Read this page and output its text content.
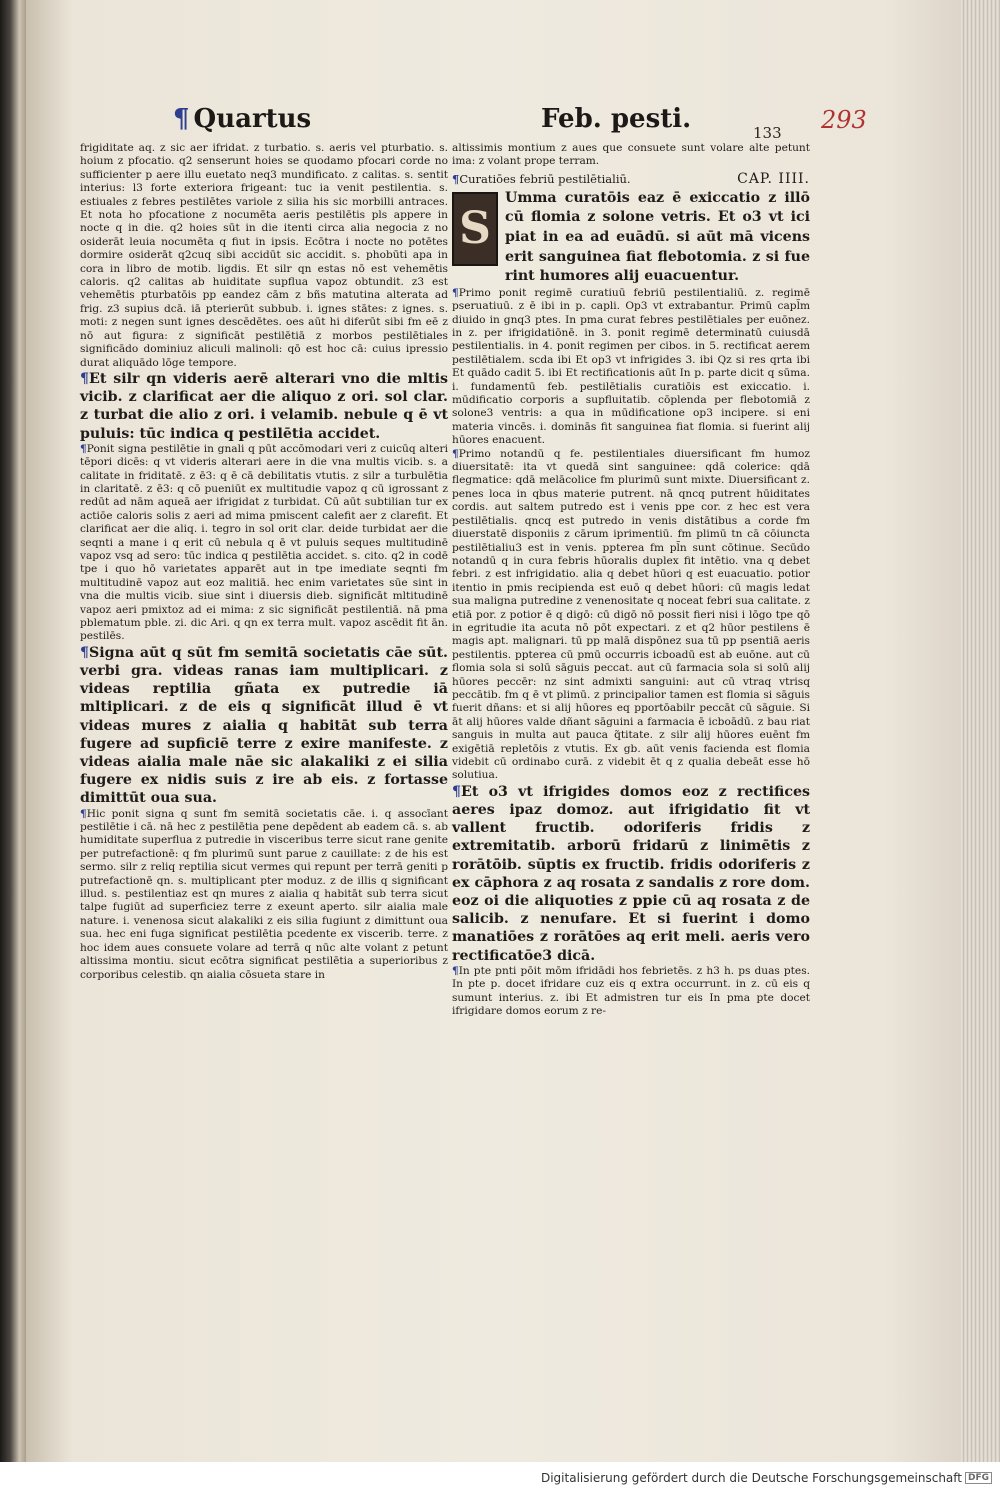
¶ Quartus	Feb. pesti.	133 293

frigiditate aq. z sic aer ifridat. z turbatio. s. aeris vel pturbatio. s. hoium z pfocatio. q2 senserunt hoies se quodamo pfocari corde no sufficienter p aere illu euetato neq3 mundificato. z calitas. s. sentit interius: l3 forte exteriora frigeant: tuc ia venit pestilentia. s. estiuales z febres pestilētes variole z silia his sic morbilli antraces. Et nota ho pfocatione z nocumēta aeris pestilētis pls appere in nocte q in die. q2 hoies sūt in die itenti circa alia negocia z no osiderāt leuia nocumēta q fiut in ipsis. Ecōtra i nocte no potētes dormire osiderāt q2cuq sibi accidūt sic accidit. s. phobūti apa in cora in libro de motib. ligdis. Et silr qn estas nō est vehemētis caloris. q2 calitas ab huiditate supflua vapoz obtundit. z3 est vehemētis pturbatōis pp eandez cām z bñs matutina alterata ad frig. z3 supius dcā. iā pterierūt subbub. i. ignes stātes: z ignes. s. moti: z negen sunt ignes descēdētes. oes aūt hi diferūt sibi fm eē z nō aut figura: z significāt pestilētiā z morbos pestilētiales significādo dominiuz aliculi malinoli: qō est hoc cā: cuius ipressio durat aliquādo lōge tempore.

¶Et silr qn videris aerē alterari vno die mltis vicib. z clarificat aer die aliquo z ori. sol clar. z turbat die alio z ori. i velamib. nebule q ē vt puluis: tūc indica q pestilētia accidet.

¶Ponit signa pestilētie in gnali q pūt accōmodari veri z cuicūq alteri tēpori dicēs: q vt videris alterari aere in die vna multis vicib. s. a calitate in friditatē. z ē3: q ē cā debilitatis vtutis. z silr a turbulētia in claritatē. z ē3: q cō pueniūt ex multitudie vapoz q cū igrossant z redūt ad nām aqueā aer ifrigidat z turbidat. Cū aūt subtilian tur ex actiōe caloris solis z aeri ad mima pmiscent calefit aer z clarefit. Et clarificat aer die aliq. i. tegro in sol orit clar. deide turbidat aer die seqnti a mane i q erit cū nebula q ē vt puluis seques multitudinē vapoz vsq ad sero: tūc indica q pestilētia accidet. s. cito. q2 in codē tpe i quo hō varietates apparēt aut in tpe imediate seqnti fm multitudinē vapoz aut eoz malitiā. hec enim varietates sūe sint in vna die multis vicib. siue sint i diuersis dieb. significāt mltitudinē vapoz aeri pmixtoz ad ei mima: z sic significāt pestilentiā. nā pma pblematum pble. zi. dic Ari. q qn ex terra mult. vapoz ascēdit fit ān. pestilēs.

¶Signa aūt q sūt fm semitā societatis cāe sūt. verbi gra. videas ranas iam multiplicari. z videas reptilia gñata ex putredie iā mltiplicari. z de eis q significāt illud ē vt videas mures z aialia q habitāt sub terra fugere ad supficiē terre z exire manifeste. z videas aialia male nāe sic alakaliki z ei silia fugere ex nidis suis z ire ab eis. z fortasse dimittūt oua sua.

¶Hic ponit signa q sunt fm semitā societatis cāe. i. q assocīant pestilētie i cā. nā hec z pestilētia pene depēdent ab eadem cā. s. ab humiditate superflua z putredie in visceribus terre sicut rane genite per putrefactionē: q fm plurimū sunt parue z cauillate: z de his est sermo. silr z reliq reptilia sicut vermes qui repunt per terrā geniti p putrefactionē qn. s. multiplicant pter moduz. z de illis q significant illud. s. pestilentiaz est qn mures z aialia q habitāt sub terra sicut talpe fugiūt ad superficiez terre z exeunt aperto. silr aialia male nature. i. venenosa sicut alakaliki z eis silia fugiunt z dimittunt oua sua. hec eni fuga significat pestilētia pcedente ex viscerib. terre. z hoc idem aues consuete volare ad terrā q nūc alte volant z petunt altissima montiu. sicut ecōtra significat pestilētia a superioribus z corporibus celestib. qn aialia cōsueta stare in

altissimis montium z aues que consuete sunt volare alte petunt ima: z volant prope terram.

¶Curatiōes febriū pestilētialiū.	CAP. IIII.

S
Umma curatōis eaz ē exiccatio z illō cū flomia z solone vetris. Et o3 vt ici piat in ea ad euādū. si aūt mā vicens erit sanguinea fiat flebotomia. z si fue rint humores alij euacuentur.

¶Primo ponit regimē curatiuū febriū pestilentialiū. z. regimē pseruatiuū. z ē ibi in p. capli. Op3 vt extrabantur. Primū capl̃m diuido in gnq3 ptes. In pma curat febres pestilētiales per euōnez. in z. per ifrigidatiōnē. in 3. ponit regimē determinatū cuiusdā pestilentialis. in 4. ponit regimen per cibos. in 5. rectificat aerem pestilētialem. scda ibi Et op3 vt infrigides 3. ibi Qz si res qrta ibi Et quādo cadit 5. ibi Et rectificationis aūt In p. parte dicit q sūma. i. fundamentū feb. pestilētialis curatiōis est exiccatio. i. mūdificatio corporis a supfluitatib. cōplenda per flebotomiā z solone3 ventris: a qua in mūdificatione op3 incipere. si eni materia vincēs. i. dominās fit sanguinea fiat flomia. si fuerint alij hūores enacuent.

¶Primo notandū q fe. pestilentiales diuersificant fm humoz diuersitatē: ita vt quedā sint sanguinee: qdā colerice: qdā flegmatice: qdā melācolice fm plurimū sunt mixte. Diuersificant z. penes loca in qbus materie putrent. nā qncq putrent hūiditates cordis. aut saltem putredo est i venis ppe cor. z hec est vera pestilētialis. qncq est putredo in venis distātibus a corde fm diuerstatē disponiis z cārum iprimentiū. fm plimū tn cā cōiuncta pestilētialiu3 est in venis. ppterea fm pl̃n sunt cōtinue. Secūdo notandū q in cura febris hūoralis duplex fit intētio. vna q debet febri. z est infrigidatio. alia q debet hūori q est euacuatio. potior itentio in pmis recipienda est euō q debet hūori: cū magis ledat sua maligna putredine z venenositate q noceat febri sua calitate. z etiā por. z potior ē q digō: cū digō nō possit fieri nisi i lōgo tpe qō in egritudie ita acuta nō pōt expectari. z et q2 hūor pestilens ē magis apt. malignari. tū pp malā dispōnez sua tū pp psentiā aeris pestilentis. ppterea cū pmū occurris icboadū est ab euōne. aut cū flomia sola si solū sāguis peccat. aut cū farmacia sola si solū alij hūores peccēr: nz sint admixti sanguini: aut cū vtraq vtrisq peccātib. fm q ē vt plimū. z principalior tamen est flomia si sāguis fuerit dñans: et si alij hūores eq pportōabilr peccāt cū sāguie. Si āt alij hūores valde dñant sāguini a farmacia ē icboādū. z bau riat sanguis in multa aut pauca q̃titate. z silr alij hūores euēnt fm exigētiā repletōis z vtutis. Ex gb. aūt venis facienda est flomia videbit cū ordinabo curā. z videbit ēt q z qualia debeāt esse hō solutiua.

¶Et o3 vt ifrigides domos eoz z rectifices aeres ipaz domoz. aut ifrigidatio fit vt vallent fructib. odoriferis fridis z extremitatib. arborū fridarū z linimētis z rorātōib. sūptis ex fructib. fridis odoriferis z ex cāphora z aq rosata z sandalis z rore dom. eoz oi die aliquoties z ppie cū aq rosata z de salicib. z nenufare. Et si fuerint i domo manatiōes z rorātōes aq erit meli. aeris vero rectificatōe3 dicā.

¶In pte pnti pōit mōm ifridādi hos febrietēs. z h3 h. ps duas ptes. In pte p. docet ifridare cuz eis q extra occurrunt. in z. cū eis q sumunt interius. z. ibi Et admistren tur eis In pma pte docet ifrigidare domos eorum z re-

Digitalisierung gefördert durch die Deutsche Forschungsgemeinschaft DFG
